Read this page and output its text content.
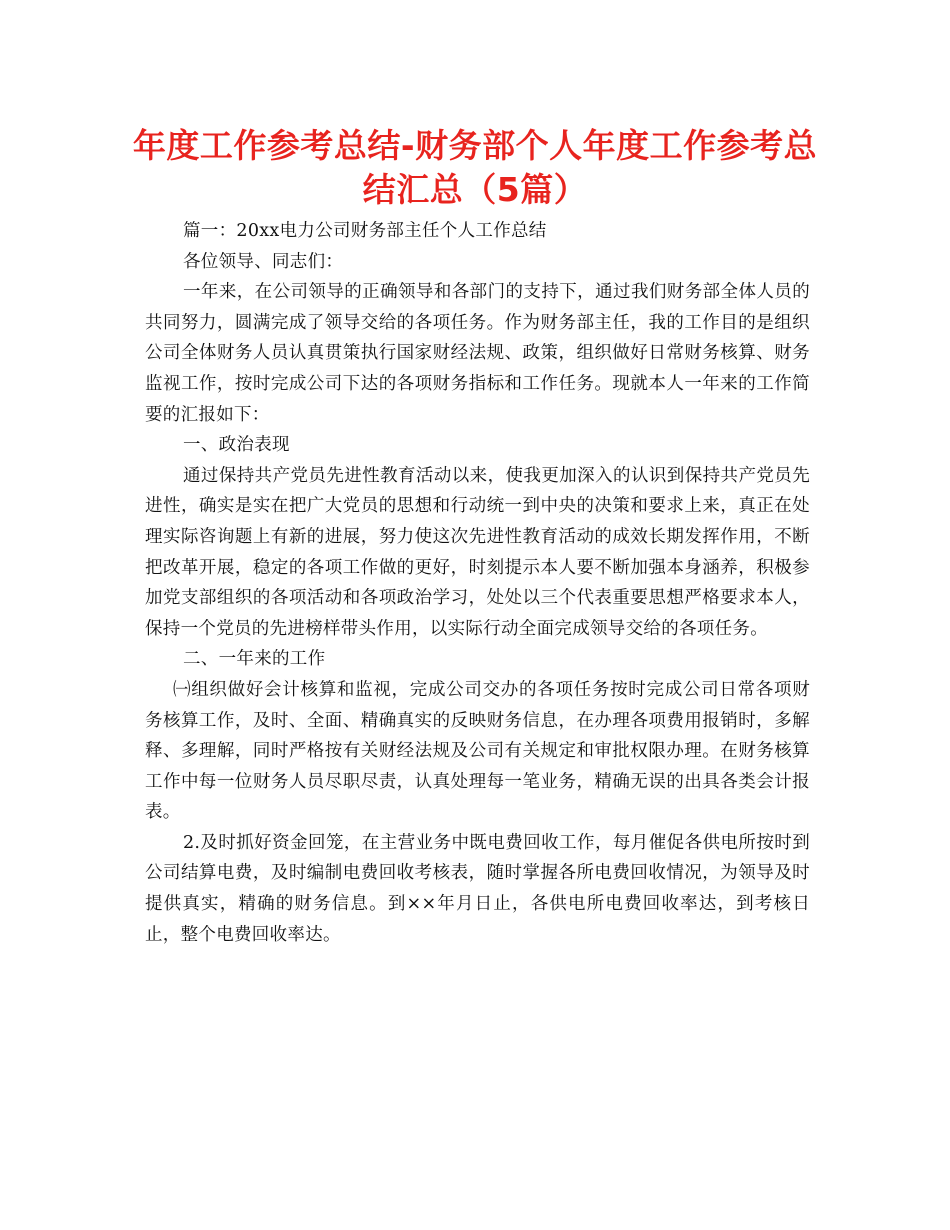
年度工作参考总结-财务部个人年度工作参考总
结汇总（5篇）

篇一：20xx电力公司财务部主任个人工作总结

各位领导、同志们：

一年来，在公司领导的正确领导和各部门的支持下，通过我们财务部全体人员的共同努力，圆满完成了领导交给的各项任务。作为财务部主任，我的工作目的是组织公司全体财务人员认真贯策执行国家财经法规、政策，组织做好日常财务核算、财务监视工作，按时完成公司下达的各项财务指标和工作任务。现就本人一年来的工作简要的汇报如下：

一、政治表现

通过保持共产党员先进性教育活动以来，使我更加深入的认识到保持共产党员先进性，确实是实在把广大党员的思想和行动统一到中央的决策和要求上来，真正在处理实际咨询题上有新的进展，努力使这次先进性教育活动的成效长期发挥作用，不断把改革开展，稳定的各项工作做的更好，时刻提示本人要不断加强本身涵养，积极参加党支部组织的各项活动和各项政治学习，处处以三个代表重要思想严格要求本人，保持一个党员的先进榜样带头作用，以实际行动全面完成领导交给的各项任务。

二、一年来的工作

㈠组织做好会计核算和监视，完成公司交办的各项任务按时完成公司日常各项财务核算工作，及时、全面、精确真实的反映财务信息，在办理各项费用报销时，多解释、多理解，同时严格按有关财经法规及公司有关规定和审批权限办理。在财务核算工作中每一位财务人员尽职尽责，认真处理每一笔业务，精确无误的出具各类会计报表。

2.及时抓好资金回笼，在主营业务中既电费回收工作，每月催促各供电所按时到公司结算电费，及时编制电费回收考核表，随时掌握各所电费回收情况，为领导及时提供真实，精确的财务信息。到××年月日止，各供电所电费回收率达，到考核日止，整个电费回收率达。
